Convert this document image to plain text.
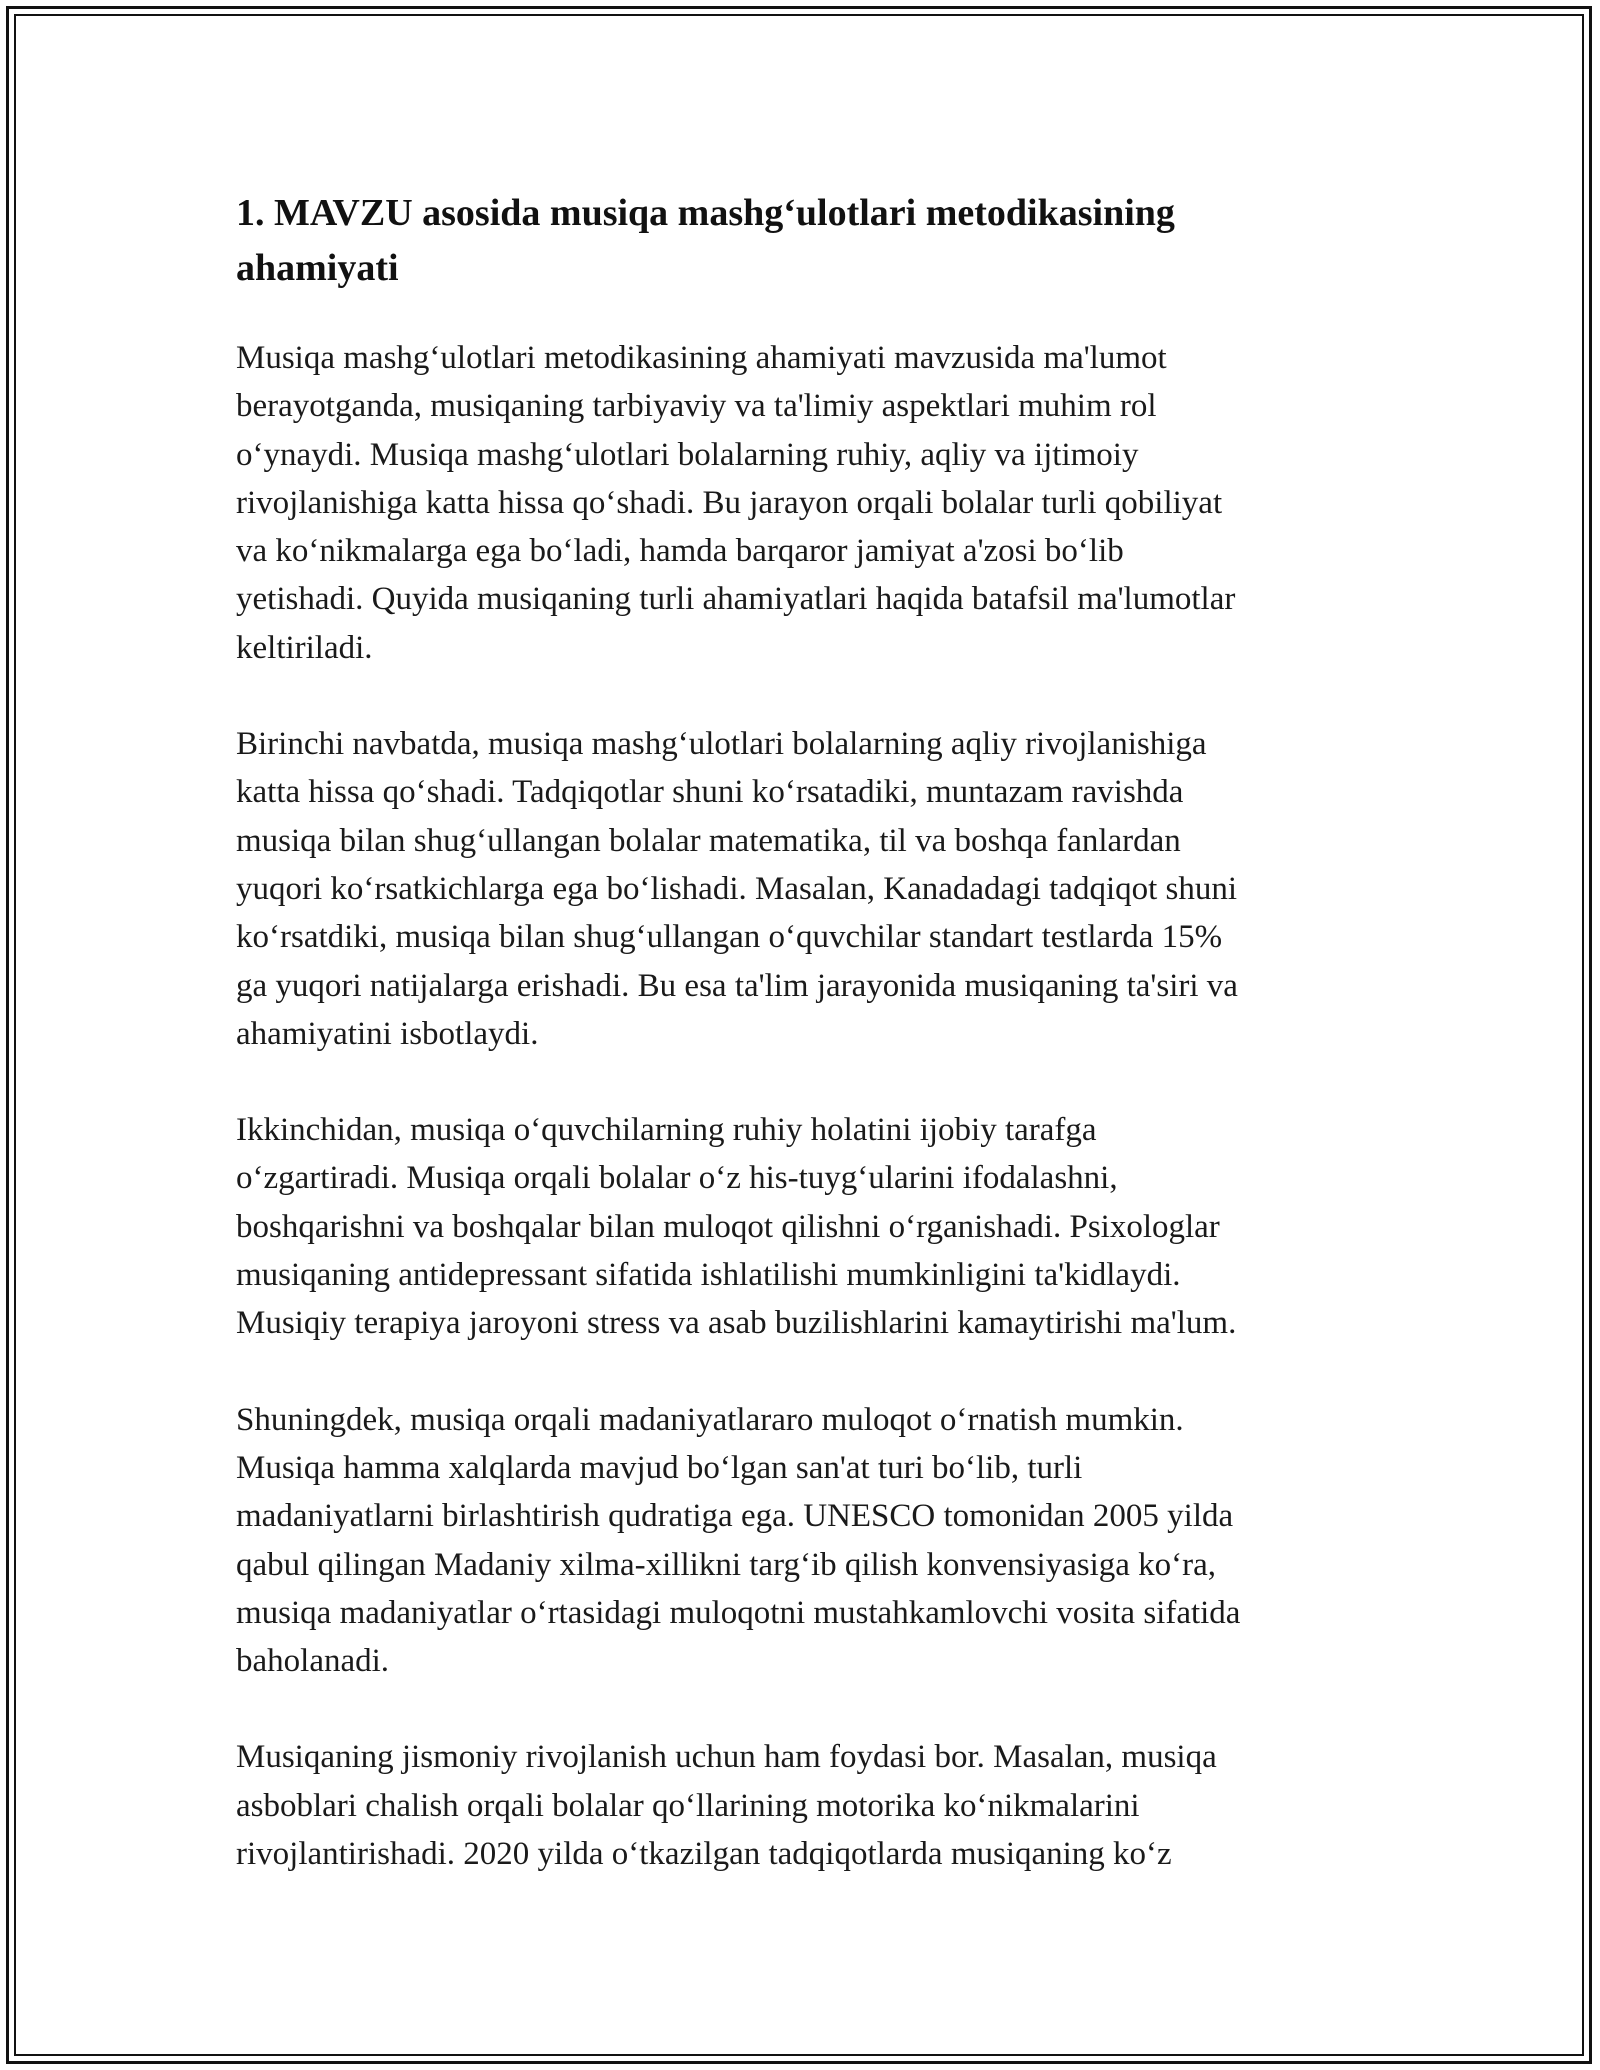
1. MAVZU asosida musiqa mashg‘ulotlari metodikasining
ahamiyati

Musiqa mashg‘ulotlari metodikasining ahamiyati mavzusida ma'lumot
berayotganda, musiqaning tarbiyaviy va ta'limiy aspektlari muhim rol
o‘ynaydi. Musiqa mashg‘ulotlari bolalarning ruhiy, aqliy va ijtimoiy
rivojlanishiga katta hissa qo‘shadi. Bu jarayon orqali bolalar turli qobiliyat
va ko‘nikmalarga ega bo‘ladi, hamda barqaror jamiyat a'zosi bo‘lib
yetishadi. Quyida musiqaning turli ahamiyatlari haqida batafsil ma'lumotlar
keltiriladi.

Birinchi navbatda, musiqa mashg‘ulotlari bolalarning aqliy rivojlanishiga
katta hissa qo‘shadi. Tadqiqotlar shuni ko‘rsatadiki, muntazam ravishda
musiqa bilan shug‘ullangan bolalar matematika, til va boshqa fanlardan
yuqori ko‘rsatkichlarga ega bo‘lishadi. Masalan, Kanadadagi tadqiqot shuni
ko‘rsatdiki, musiqa bilan shug‘ullangan o‘quvchilar standart testlarda 15%
ga yuqori natijalarga erishadi. Bu esa ta'lim jarayonida musiqaning ta'siri va
ahamiyatini isbotlaydi.

Ikkinchidan, musiqa o‘quvchilarning ruhiy holatini ijobiy tarafga
o‘zgartiradi. Musiqa orqali bolalar o‘z his-tuyg‘ularini ifodalashni,
boshqarishni va boshqalar bilan muloqot qilishni o‘rganishadi. Psixologlar
musiqaning antidepressant sifatida ishlatilishi mumkinligini ta'kidlaydi.
Musiqiy terapiya jaroyoni stress va asab buzilishlarini kamaytirishi ma'lum.

Shuningdek, musiqa orqali madaniyatlararo muloqot o‘rnatish mumkin.
Musiqa hamma xalqlarda mavjud bo‘lgan san'at turi bo‘lib, turli
madaniyatlarni birlashtirish qudratiga ega. UNESCO tomonidan 2005 yilda
qabul qilingan Madaniy xilma-xillikni targ‘ib qilish konvensiyasiga ko‘ra,
musiqa madaniyatlar o‘rtasidagi muloqotni mustahkamlovchi vosita sifatida
baholanadi.

Musiqaning jismoniy rivojlanish uchun ham foydasi bor. Masalan, musiqa
asboblari chalish orqali bolalar qo‘llarining motorika ko‘nikmalarini
rivojlantirishadi. 2020 yilda o‘tkazilgan tadqiqotlarda musiqaning ko‘z
